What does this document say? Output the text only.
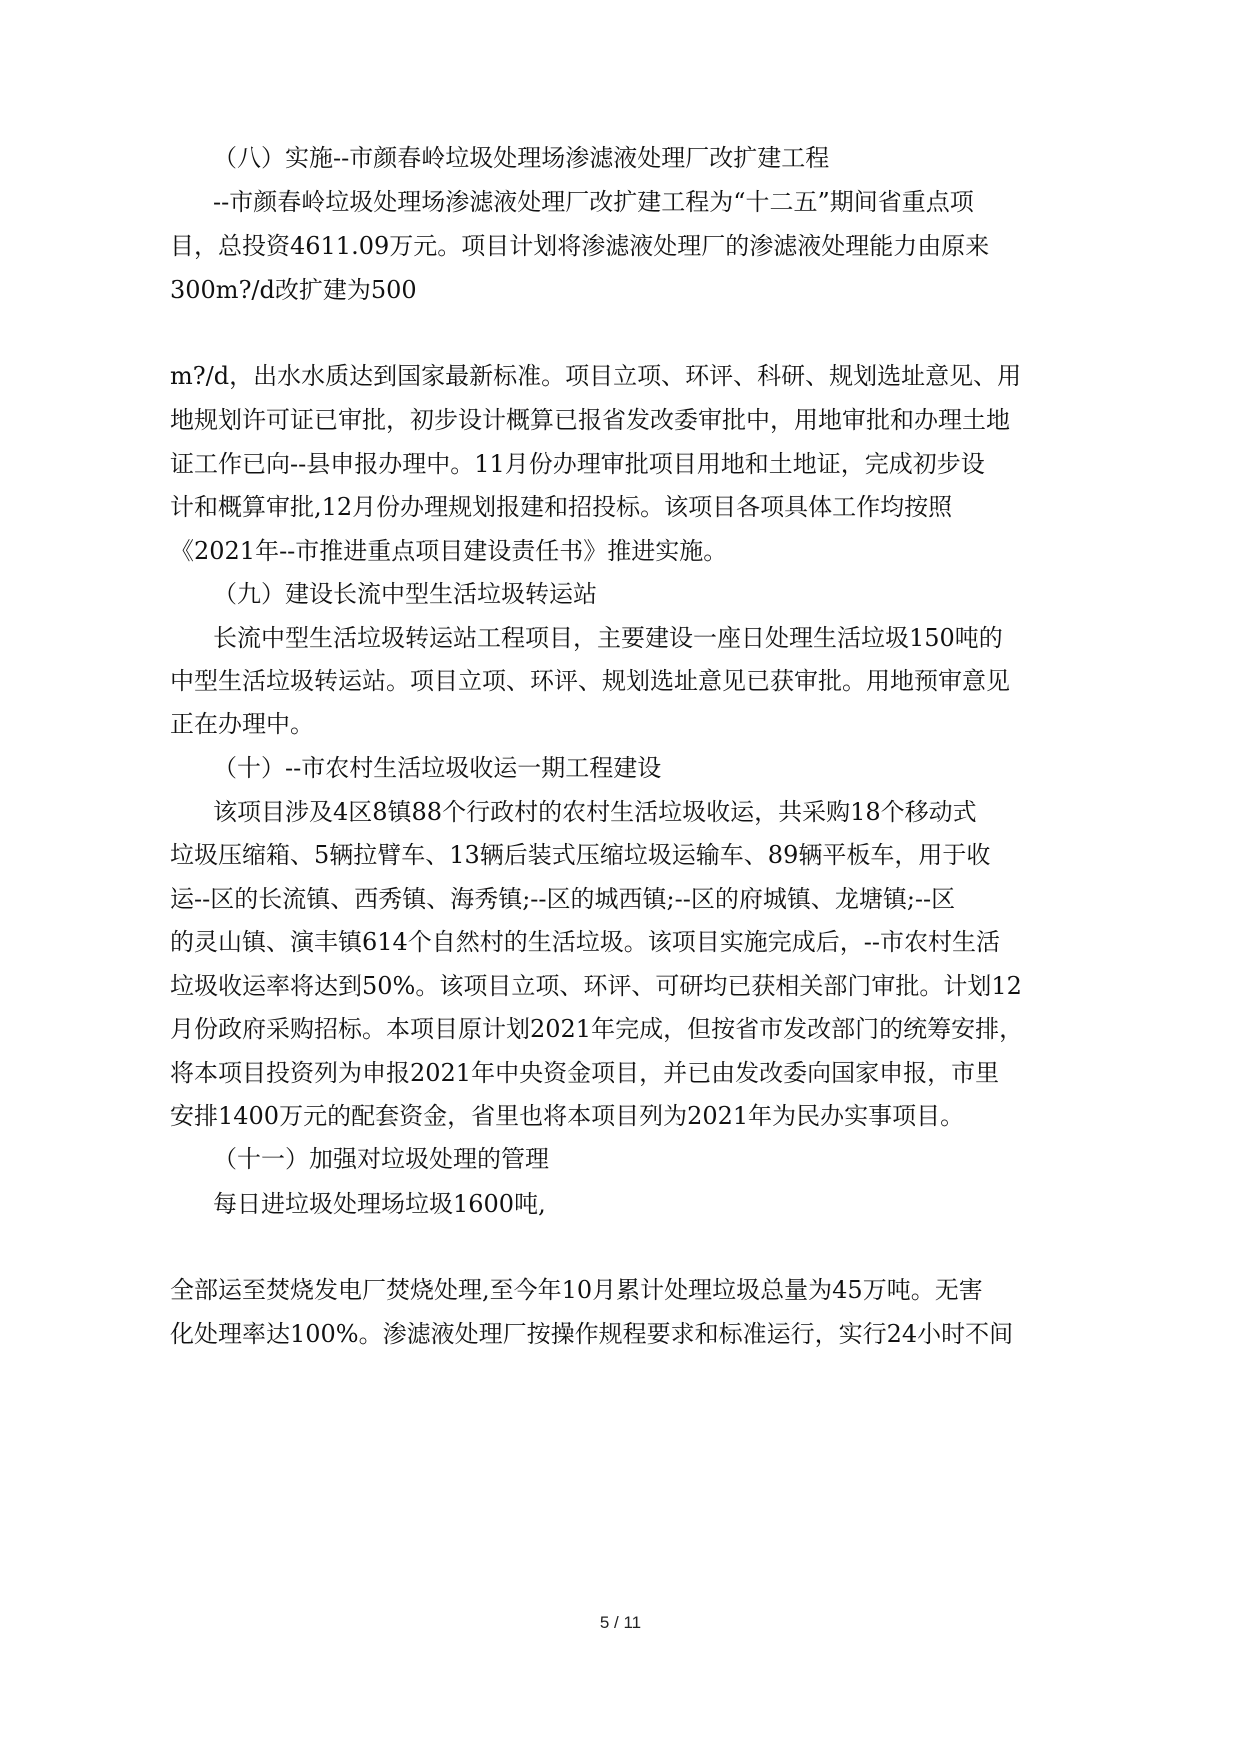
（八）实施--市颜春岭垃圾处理场渗滤液处理厂改扩建工程
--市颜春岭垃圾处理场渗滤液处理厂改扩建工程为“十二五”期间省重点项
目，总投资4611.09万元。项目计划将渗滤液处理厂的渗滤液处理能力由原来
300m?/d改扩建为500
m?/d，出水水质达到国家最新标准。项目立项、环评、科研、规划选址意见、用
地规划许可证已审批，初步设计概算已报省发改委审批中，用地审批和办理土地
证工作已向--县申报办理中。11月份办理审批项目用地和土地证，完成初步设
计和概算审批,12月份办理规划报建和招投标。该项目各项具体工作均按照
《2021年--市推进重点项目建设责任书》推进实施。
（九）建设长流中型生活垃圾转运站
长流中型生活垃圾转运站工程项目，主要建设一座日处理生活垃圾150吨的
中型生活垃圾转运站。项目立项、环评、规划选址意见已获审批。用地预审意见
正在办理中。
（十）--市农村生活垃圾收运一期工程建设
该项目涉及4区8镇88个行政村的农村生活垃圾收运，共采购18个移动式
垃圾压缩箱、5辆拉臂车、13辆后装式压缩垃圾运输车、89辆平板车，用于收
运--区的长流镇、西秀镇、海秀镇;--区的城西镇;--区的府城镇、龙塘镇;--区
的灵山镇、演丰镇614个自然村的生活垃圾。该项目实施完成后，--市农村生活
垃圾收运率将达到50%。该项目立项、环评、可研均已获相关部门审批。计划12
月份政府采购招标。本项目原计划2021年完成，但按省市发改部门的统筹安排，
将本项目投资列为申报2021年中央资金项目，并已由发改委向国家申报，市里
安排1400万元的配套资金，省里也将本项目列为2021年为民办实事项目。
（十一）加强对垃圾处理的管理
每日进垃圾处理场垃圾1600吨,
全部运至焚烧发电厂焚烧处理,至今年10月累计处理垃圾总量为45万吨。无害
化处理率达100%。渗滤液处理厂按操作规程要求和标准运行，实行24小时不间
5 / 11
